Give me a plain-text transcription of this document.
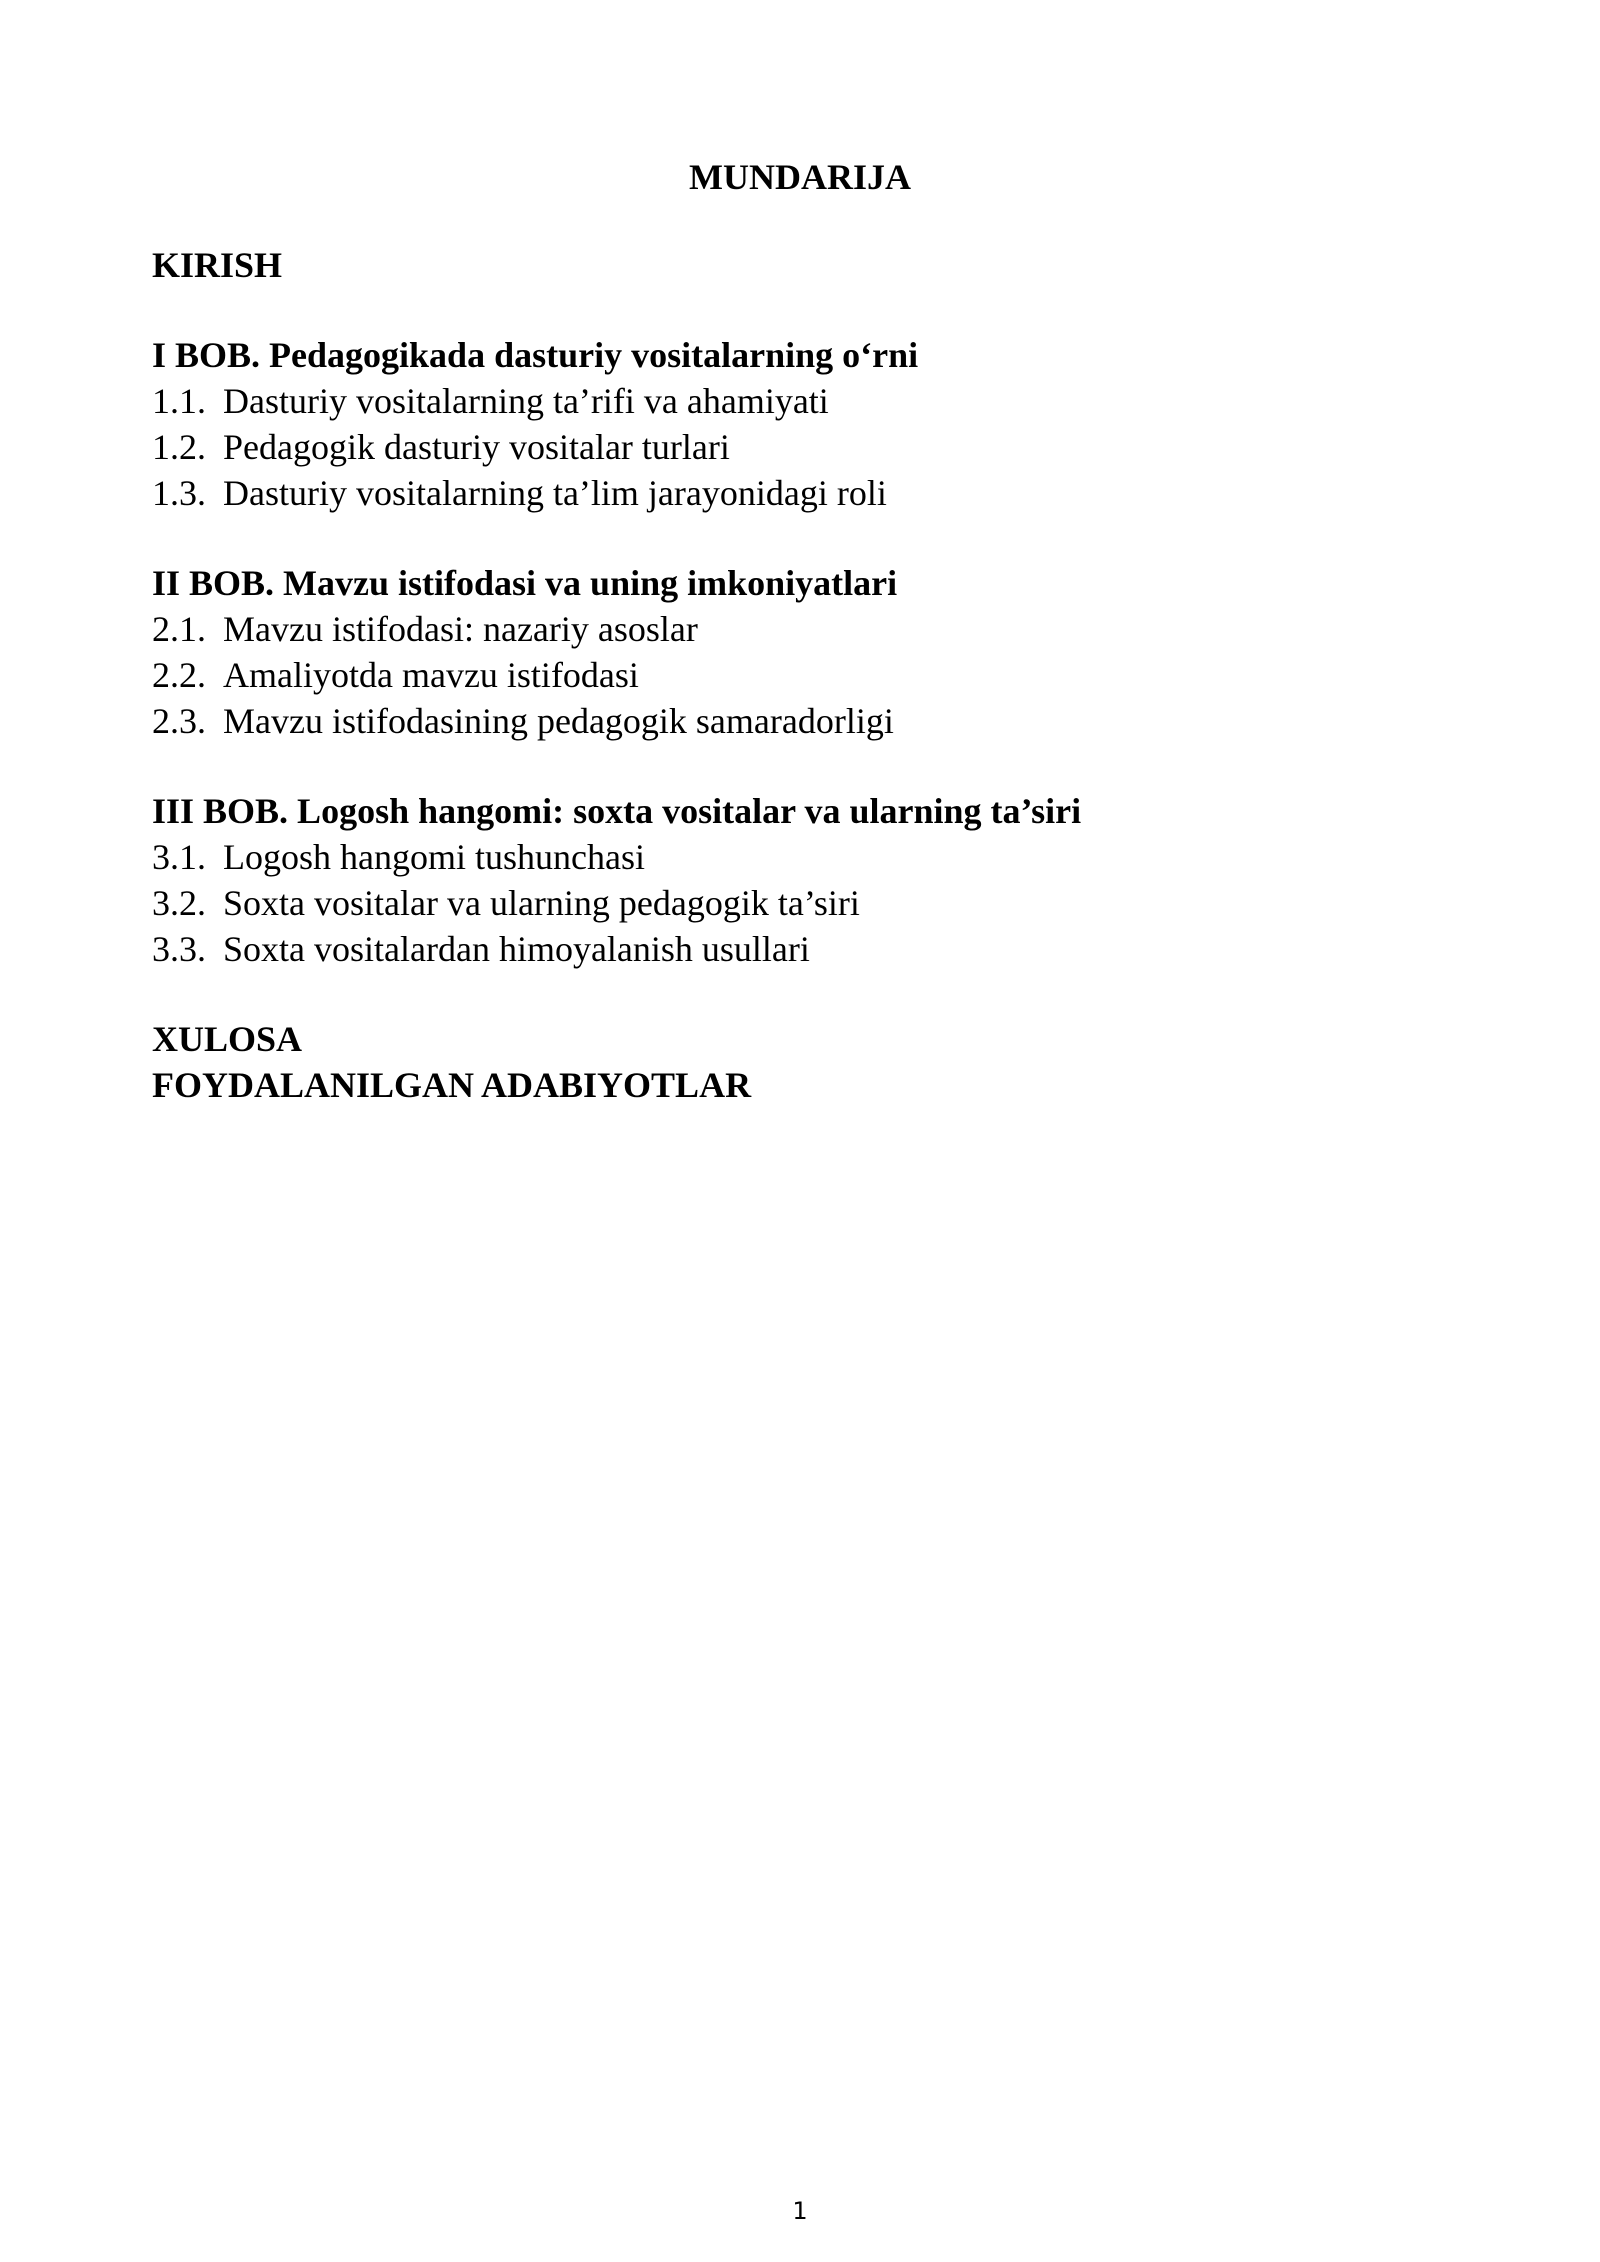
MUNDARIJA

KIRISH

I BOB. Pedagogikada dasturiy vositalarning o‘rni

1.1. Dasturiy vositalarning ta’rifi va ahamiyati
1.2. Pedagogik dasturiy vositalar turlari
1.3. Dasturiy vositalarning ta’lim jarayonidagi roli

II BOB. Mavzu istifodasi va uning imkoniyatlari

2.1. Mavzu istifodasi: nazariy asoslar
2.2. Amaliyotda mavzu istifodasi
2.3. Mavzu istifodasining pedagogik samaradorligi

III BOB. Logosh hangomi: soxta vositalar va ularning ta’siri

3.1. Logosh hangomi tushunchasi
3.2. Soxta vositalar va ularning pedagogik ta’siri
3.3. Soxta vositalardan himoyalanish usullari

XULOSA

FOYDALANILGAN ADABIYOTLAR

1
